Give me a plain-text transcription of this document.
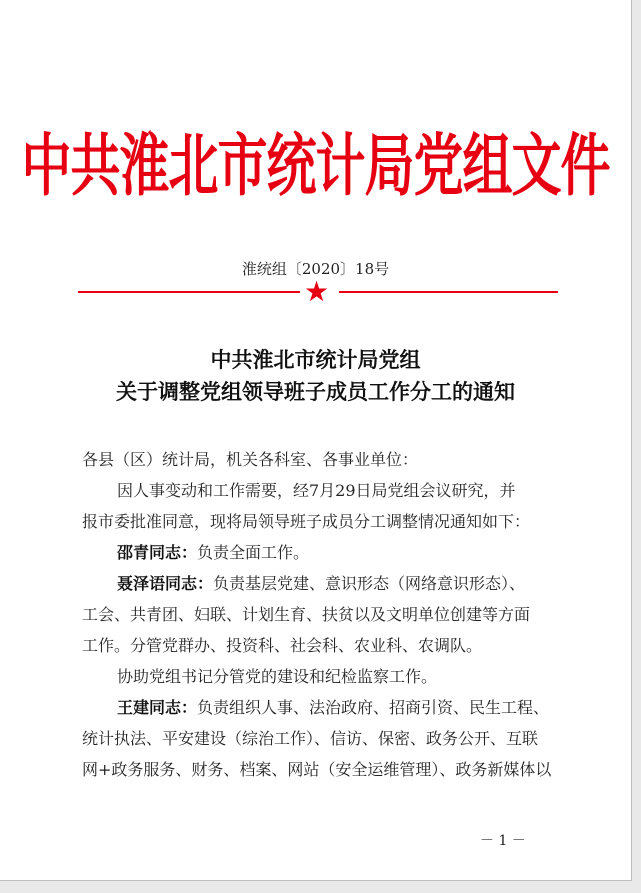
中共淮北市统计局党组文件
淮统组〔2020〕18号
★
中共淮北市统计局党组
关于调整党组领导班子成员工作分工的通知
各县（区）统计局，机关各科室、各事业单位：
因人事变动和工作需要，经7月29日局党组会议研究，并
报市委批准同意，现将局领导班子成员分工调整情况通知如下：
邵青同志：负责全面工作。
聂泽语同志：负责基层党建、意识形态（网络意识形态）、
工会、共青团、妇联、计划生育、扶贫以及文明单位创建等方面
工作。分管党群办、投资科、社会科、农业科、农调队。
协助党组书记分管党的建设和纪检监察工作。
王建同志：负责组织人事、法治政府、招商引资、民生工程、
统计执法、平安建设（综治工作）、信访、保密、政务公开、互联
网+政务服务、财务、档案、网站（安全运维管理）、政务新媒体以
－ 1 －
